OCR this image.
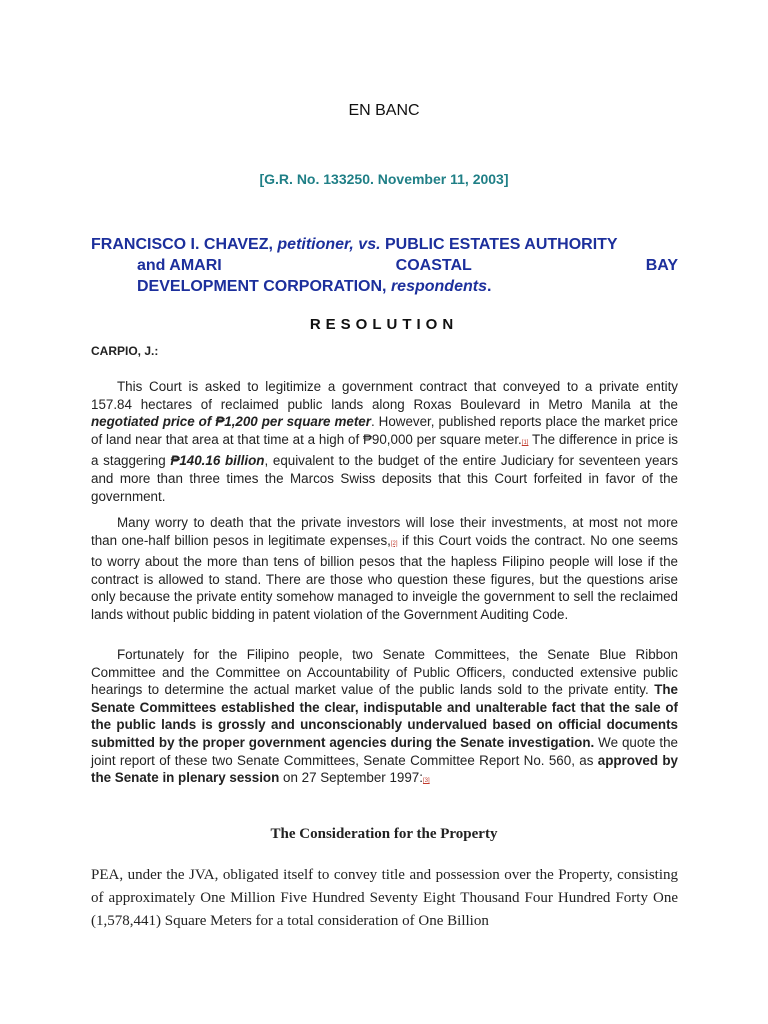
EN BANC
[G.R. No. 133250. November 11, 2003]
FRANCISCO I. CHAVEZ, petitioner, vs. PUBLIC ESTATES AUTHORITY
and AMARI	COASTAL	BAY
DEVELOPMENT CORPORATION, respondents.
RESOLUTION
CARPIO, J.:

This Court is asked to legitimize a government contract that conveyed to a private entity 157.84 hectares of reclaimed public lands along Roxas Boulevard in Metro Manila at the negotiated price of ₱1,200 per square meter. However, published reports place the market price of land near that area at that time at a high of ₱90,000 per square meter.[1] The difference in price is a staggering ₱140.16 billion, equivalent to the budget of the entire Judiciary for seventeen years and more than three times the Marcos Swiss deposits that this Court forfeited in favor of the government.

Many worry to death that the private investors will lose their investments, at most not more than one-half billion pesos in legitimate expenses,[2] if this Court voids the contract. No one seems to worry about the more than tens of billion pesos that the hapless Filipino people will lose if the contract is allowed to stand. There are those who question these figures, but the questions arise only because the private entity somehow managed to inveigle the government to sell the reclaimed lands without public bidding in patent violation of the Government Auditing Code.

Fortunately for the Filipino people, two Senate Committees, the Senate Blue Ribbon Committee and the Committee on Accountability of Public Officers, conducted extensive public hearings to determine the actual market value of the public lands sold to the private entity. The Senate Committees established the clear, indisputable and unalterable fact that the sale of the public lands is grossly and unconscionably undervalued based on official documents submitted by the proper government agencies during the Senate investigation. We quote the joint report of these two Senate Committees, Senate Committee Report No. 560, as approved by the Senate in plenary session on 27 September 1997:[3]

The Consideration for the Property

PEA, under the JVA, obligated itself to convey title and possession over the Property, consisting of approximately One Million Five Hundred Seventy Eight Thousand Four Hundred Forty One (1,578,441) Square Meters for a total consideration of One Billion
